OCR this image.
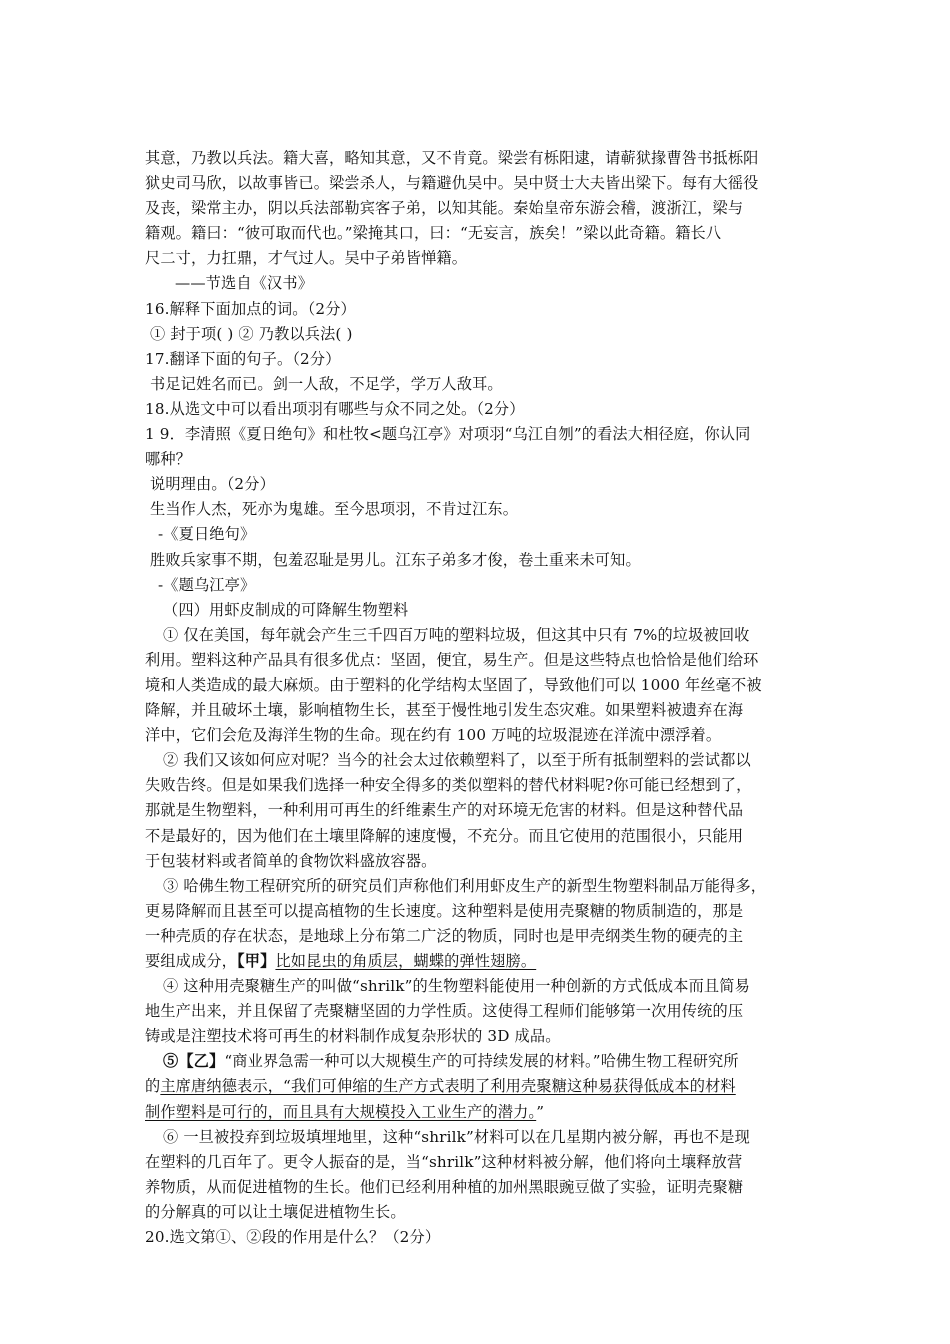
其意，乃教以兵法。籍大喜，略知其意，又不肯竟。梁尝有栎阳逮，请蕲狱掾曹咎书抵栎阳
狱史司马欣，以故事皆已。梁尝杀人，与籍避仇吴中。吴中贤士大夫皆出梁下。每有大徭役
及丧，梁常主办，阴以兵法部勒宾客子弟，以知其能。秦始皇帝东游会稽，渡浙江，梁与
籍观。籍曰：“彼可取而代也。”梁掩其口，曰：“无妄言，族矣！”梁以此奇籍。籍长八
尺二寸，力扛鼎，才气过人。吴中子弟皆惮籍。
——节选自《汉书》
16.解释下面加点的词。（2分）
① 封于项( ) ② 乃教以兵法( )
17.翻译下面的句子。（2分）
书足记姓名而已。剑一人敌，不足学，学万人敌耳。
18.从选文中可以看出项羽有哪些与众不同之处。（2分）
1 9．李清照《夏日绝句》和杜牧<题乌江亭》对项羽“乌江自刎”的看法大相径庭，你认同
哪种？
说明理由。（2分）
生当作人杰，死亦为鬼雄。至今思项羽，不肯过江东。
-《夏日绝句》
胜败兵家事不期，包羞忍耻是男儿。江东子弟多才俊，卷土重来未可知。
-《题乌江亭》
（四）用虾皮制成的可降解生物塑料
① 仅在美国，每年就会产生三千四百万吨的塑料垃圾，但这其中只有 7%的垃圾被回收
利用。塑料这种产品具有很多优点：坚固，便宜，易生产。但是这些特点也恰恰是他们给环
境和人类造成的最大麻烦。由于塑料的化学结构太坚固了，导致他们可以 1000 年丝毫不被
降解，并且破坏土壤，影响植物生长，甚至于慢性地引发生态灾难。如果塑料被遗弃在海
洋中，它们会危及海洋生物的生命。现在约有 100 万吨的垃圾混迹在洋流中漂浮着。
② 我们又该如何应对呢？当今的社会太过依赖塑料了，以至于所有抵制塑料的尝试都以
失败告终。但是如果我们选择一种安全得多的类似塑料的替代材料呢?你可能已经想到了，
那就是生物塑料，一种利用可再生的纤维素生产的对环境无危害的材料。但是这种替代品
不是最好的，因为他们在土壤里降解的速度慢，不充分。而且它使用的范围很小，只能用
于包装材料或者简单的食物饮料盛放容器。
③ 哈佛生物工程研究所的研究员们声称他们利用虾皮生产的新型生物塑料制品万能得多，
更易降解而且甚至可以提高植物的生长速度。这种塑料是使用壳聚糖的物质制造的，那是
一种壳质的存在状态，是地球上分布第二广泛的物质，同时也是甲壳纲类生物的硬壳的主
要组成成分，【甲】比如昆虫的角质层，蝴蝶的弹性翅膀。
④ 这种用壳聚糖生产的叫做“shrilk”的生物塑料能使用一种创新的方式低成本而且简易
地生产出来，并且保留了壳聚糖坚固的力学性质。这使得工程师们能够第一次用传统的压
铸或是注塑技术将可再生的材料制作成复杂形状的 3D 成品。
⑤【乙】“商业界急需一种可以大规模生产的可持续发展的材料。”哈佛生物工程研究所
的主席唐纳德表示，“我们可伸缩的生产方式表明了利用壳聚糖这种易获得低成本的材料
制作塑料是可行的，而且具有大规模投入工业生产的潜力。”
⑥ 一旦被投弃到垃圾填埋地里，这种“shrilk”材料可以在几星期内被分解，再也不是现
在塑料的几百年了。更令人振奋的是，当“shrilk”这种材料被分解，他们将向土壤释放营
养物质，从而促进植物的生长。他们已经利用种植的加州黑眼豌豆做了实验，证明壳聚糖
的分解真的可以让土壤促进植物生长。
20.选文第①、②段的作用是什么？（2分）
